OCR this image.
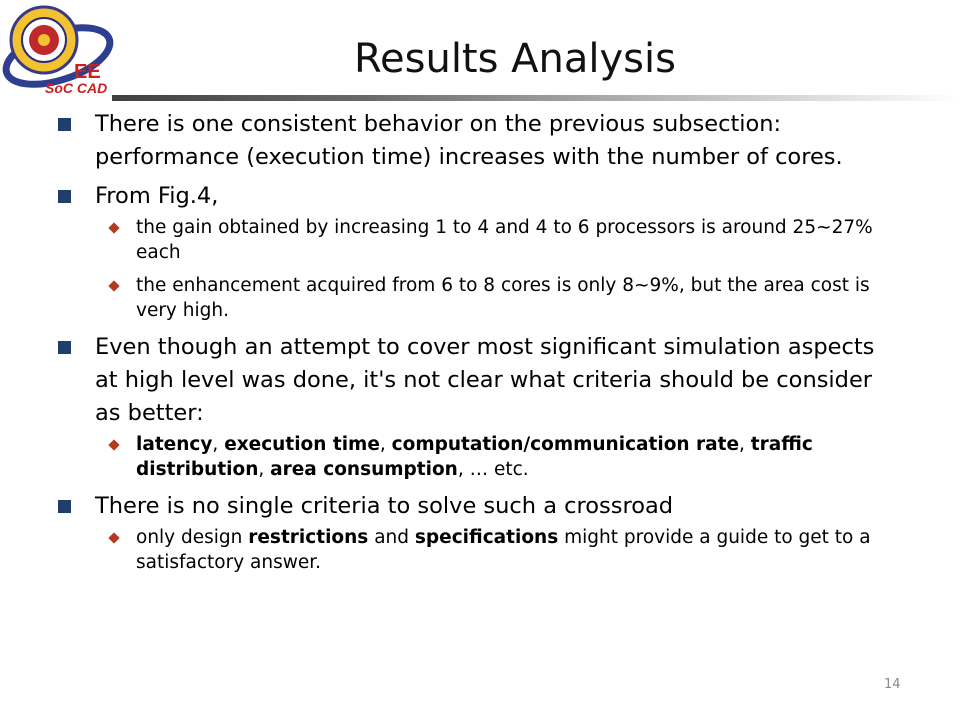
EE
SoC CAD
Results Analysis
There is one consistent behavior on the previous subsection: performance (execution time) increases with the number of cores.
From Fig.4,
the gain obtained by increasing 1 to 4 and 4 to 6 processors is around 25~27% each
the enhancement acquired from 6 to 8 cores is only 8~9%, but the area cost is very high.
Even though an attempt to cover most significant simulation aspects at high level was done, it's not clear what criteria should be consider as better:
latency, execution time, computation/communication rate, traffic distribution, area consumption, … etc.
There is no single criteria to solve such a crossroad
only design restrictions and specifications might provide a guide to get to a satisfactory answer.
14
